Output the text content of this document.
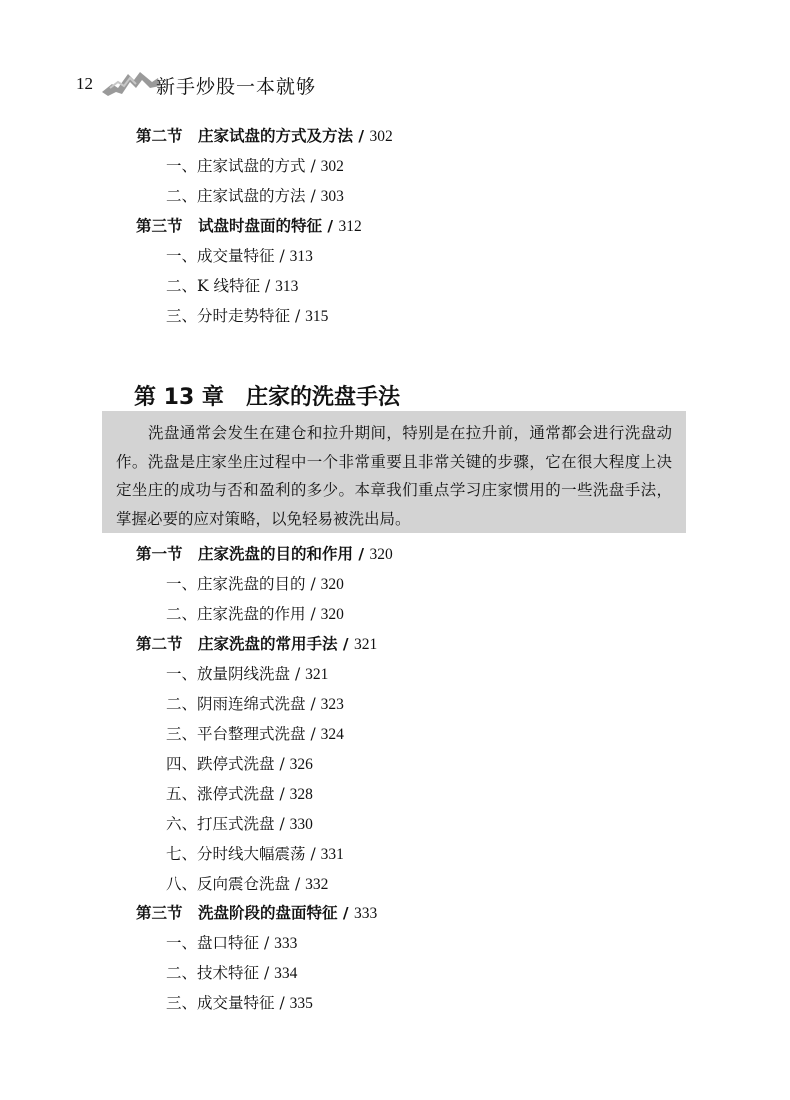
12	新手炒股一本就够
第二节　庄家试盘的方式及方法 / 302
一、庄家试盘的方式 / 302
二、庄家试盘的方法 / 303
第三节　试盘时盘面的特征 / 312
一、成交量特征 / 313
二、K 线特征 / 313
三、分时走势特征 / 315
第 13 章 庄家的洗盘手法

洗盘通常会发生在建仓和拉升期间，特别是在拉升前，通常都会进行洗盘动作。洗盘是庄家坐庄过程中一个非常重要且非常关键的步骤，它在很大程度上决定坐庄的成功与否和盈利的多少。本章我们重点学习庄家惯用的一些洗盘手法，掌握必要的应对策略，以免轻易被洗出局。

第一节　庄家洗盘的目的和作用 / 320
一、庄家洗盘的目的 / 320
二、庄家洗盘的作用 / 320
第二节　庄家洗盘的常用手法 / 321
一、放量阴线洗盘 / 321
二、阴雨连绵式洗盘 / 323
三、平台整理式洗盘 / 324
四、跌停式洗盘 / 326
五、涨停式洗盘 / 328
六、打压式洗盘 / 330
七、分时线大幅震荡 / 331
八、反向震仓洗盘 / 332
第三节　洗盘阶段的盘面特征 / 333
一、盘口特征 / 333
二、技术特征 / 334
三、成交量特征 / 335
